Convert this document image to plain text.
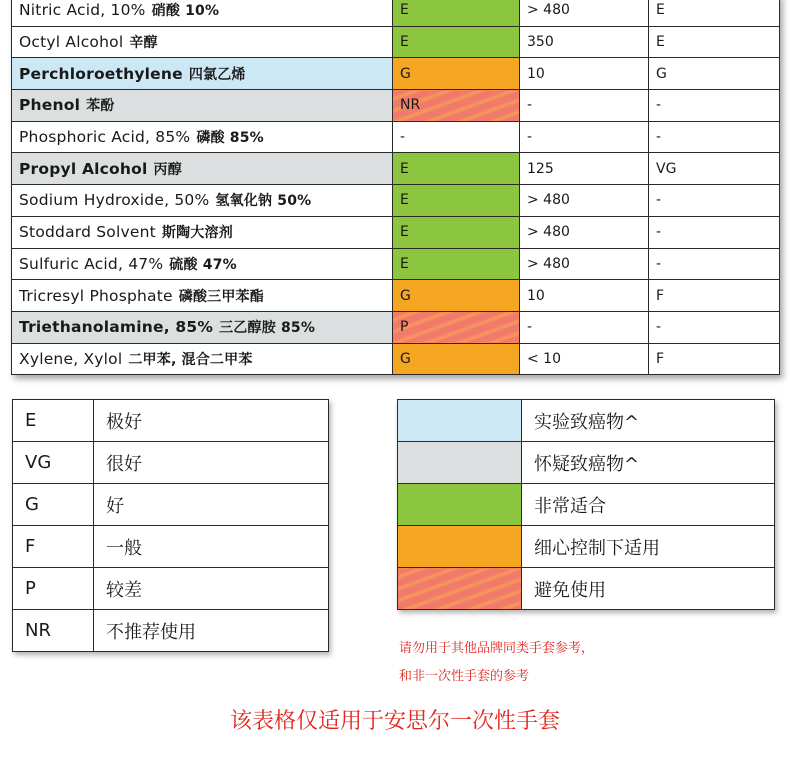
Nitric Acid, 10% 硝酸 10%	E	> 480	E
Octyl Alcohol 辛醇	E	350	E
Perchloroethylene 四氯乙烯	G	10	G
Phenol 苯酚	NR	-	-
Phosphoric Acid, 85% 磷酸 85%	-	-	-
Propyl Alcohol 丙醇	E	125	VG
Sodium Hydroxide, 50% 氢氧化钠 50%	E	> 480	-
Stoddard Solvent 斯陶大溶剂	E	> 480	-
Sulfuric Acid, 47% 硫酸 47%	E	> 480	-
Tricresyl Phosphate 磷酸三甲苯酯	G	10	F
Triethanolamine, 85% 三乙醇胺 85%	P	-	-
Xylene, Xylol 二甲苯, 混合二甲苯	G	< 10	F
E	极好
VG	很好
G	好
F	一般
P	较差
NR	不推荐使用
	实验致癌物^
	怀疑致癌物^
	非常适合
	细心控制下适用
	避免使用
请勿用于其他品牌同类手套参考，
和非一次性手套的参考
该表格仅适用于安思尔一次性手套
